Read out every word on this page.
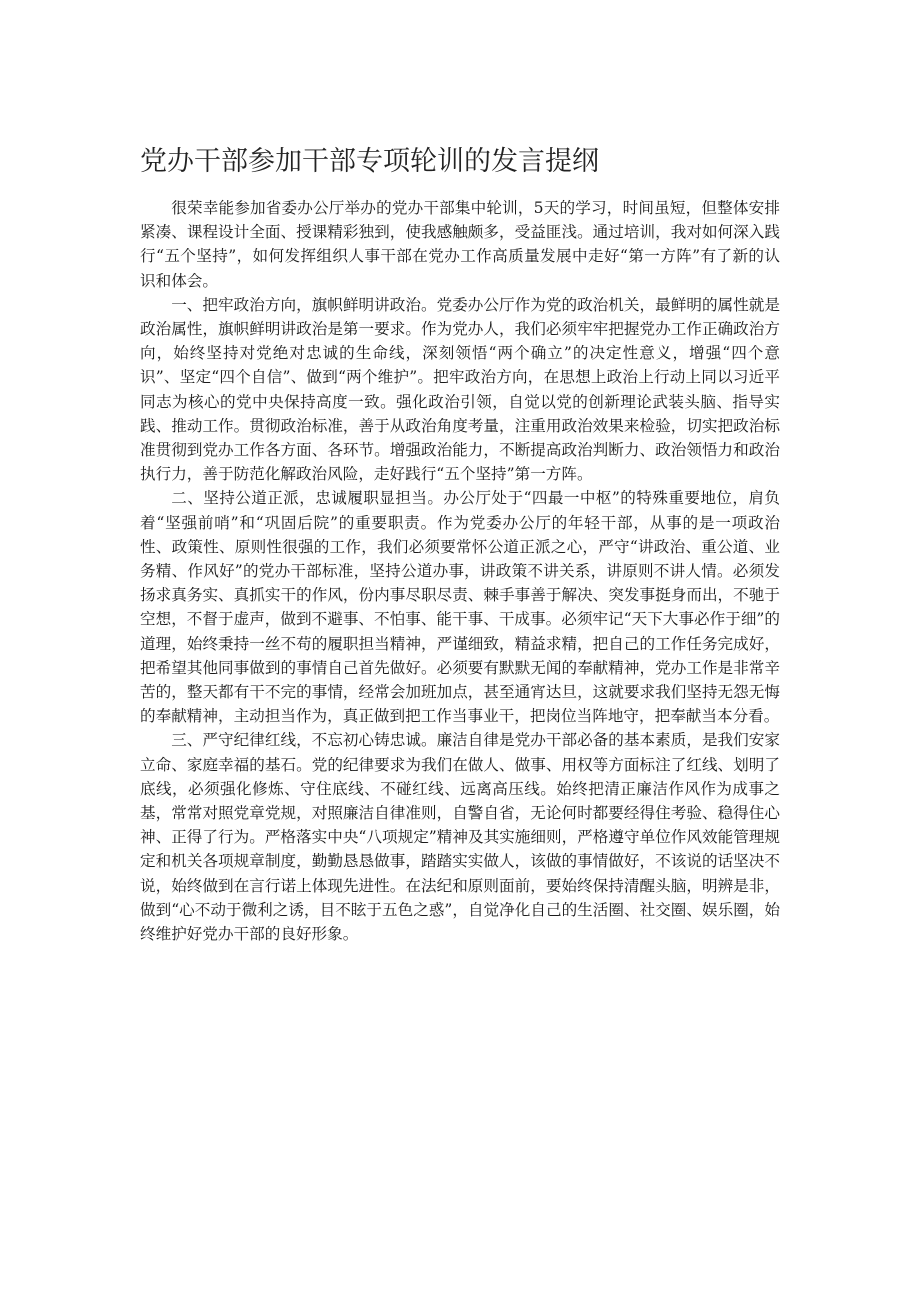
党办干部参加干部专项轮训的发言提纲

很荣幸能参加省委办公厅举办的党办干部集中轮训，5天的学习，时间虽短，但整体安排紧凑、课程设计全面、授课精彩独到，使我感触颇多，受益匪浅。通过培训，我对如何深入践行“五个坚持”，如何发挥组织人事干部在党办工作高质量发展中走好“第一方阵”有了新的认识和体会。

一、把牢政治方向，旗帜鲜明讲政治。党委办公厅作为党的政治机关，最鲜明的属性就是政治属性，旗帜鲜明讲政治是第一要求。作为党办人，我们必须牢牢把握党办工作正确政治方向，始终坚持对党绝对忠诚的生命线，深刻领悟“两个确立”的决定性意义，增强“四个意识”、坚定“四个自信”、做到“两个维护”。把牢政治方向，在思想上政治上行动上同以习近平同志为核心的党中央保持高度一致。强化政治引领，自觉以党的创新理论武装头脑、指导实践、推动工作。贯彻政治标准，善于从政治角度考量，注重用政治效果来检验，切实把政治标准贯彻到党办工作各方面、各环节。增强政治能力，不断提高政治判断力、政治领悟力和政治执行力，善于防范化解政治风险，走好践行“五个坚持”第一方阵。

二、坚持公道正派，忠诚履职显担当。办公厅处于“四最一中枢”的特殊重要地位，肩负着“坚强前哨”和“巩固后院”的重要职责。作为党委办公厅的年轻干部，从事的是一项政治性、政策性、原则性很强的工作，我们必须要常怀公道正派之心，严守“讲政治、重公道、业务精、作风好”的党办干部标准，坚持公道办事，讲政策不讲关系，讲原则不讲人情。必须发扬求真务实、真抓实干的作风，份内事尽职尽责、棘手事善于解决、突发事挺身而出，不驰于空想，不督于虚声，做到不避事、不怕事、能干事、干成事。必须牢记“天下大事必作于细”的道理，始终秉持一丝不苟的履职担当精神，严谨细致，精益求精，把自己的工作任务完成好，把希望其他同事做到的事情自己首先做好。必须要有默默无闻的奉献精神，党办工作是非常辛苦的，整天都有干不完的事情，经常会加班加点，甚至通宵达旦，这就要求我们坚持无怨无悔的奉献精神，主动担当作为，真正做到把工作当事业干，把岗位当阵地守，把奉献当本分看。

三、严守纪律红线，不忘初心铸忠诚。廉洁自律是党办干部必备的基本素质，是我们安家立命、家庭幸福的基石。党的纪律要求为我们在做人、做事、用权等方面标注了红线、划明了底线，必须强化修炼、守住底线、不碰红线、远离高压线。始终把清正廉洁作风作为成事之基，常常对照党章党规，对照廉洁自律准则，自警自省，无论何时都要经得住考验、稳得住心神、正得了行为。严格落实中央“八项规定”精神及其实施细则，严格遵守单位作风效能管理规定和机关各项规章制度，勤勤恳恳做事，踏踏实实做人，该做的事情做好，不该说的话坚决不说，始终做到在言行诺上体现先进性。在法纪和原则面前，要始终保持清醒头脑，明辨是非，做到“心不动于微利之诱，目不眩于五色之惑”，自觉净化自己的生活圈、社交圈、娱乐圈，始终维护好党办干部的良好形象。
